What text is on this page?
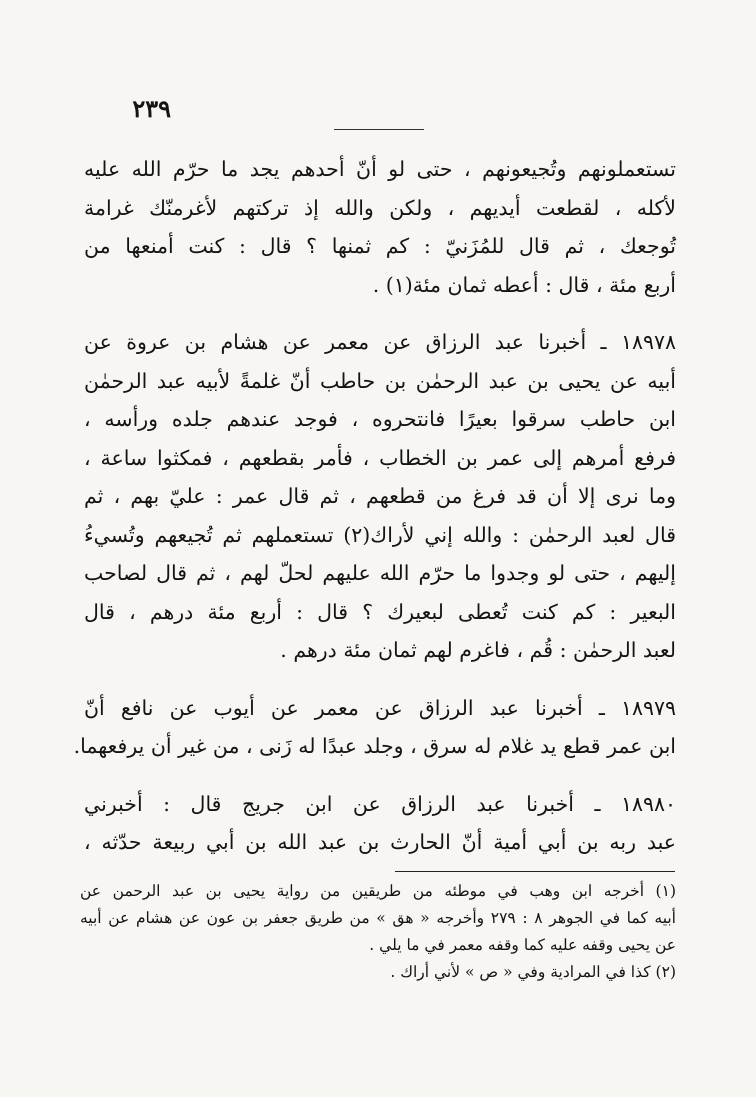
٢٣٩

تستعملونهم وتُجيعونهم ، حتى لو أنّ أحدهم يجد ما حرّم الله عليه
لأكله ، لقطعت أيديهم ، ولكن والله إذ تركتهم لأغرمنّك غرامة
تُوجعك ، ثم قال للمُزَنيّ : كم ثمنها ؟ قال : كنت أمنعها من
أربع مئة ، قال : أعطه ثمان مئة(١) .

١٨٩٧٨ ـ أخبرنا عبد الرزاق عن معمر عن هشام بن عروة عن
أبيه عن يحيى بن عبد الرحمٰن بن حاطب أنّ غلمةً لأبيه عبد الرحمٰن
ابن حاطب سرقوا بعيرًا فانتحروه ، فوجد عندهم جلده ورأسه ،
فرفع أمرهم إلى عمر بن الخطاب ، فأمر بقطعهم ، فمكثوا ساعة ،
وما نرى إلا أن قد فرغ من قطعهم ، ثم قال عمر : عليّ بهم ، ثم
قال لعبد الرحمٰن : والله إني لأراك(٢) تستعملهم ثم تُجيعهم وتُسيءُ
إليهم ، حتى لو وجدوا ما حرّم الله عليهم لحلّ لهم ، ثم قال لصاحب
البعير : كم كنت تُعطى لبعيرك ؟ قال : أربع مئة درهم ، قال
لعبد الرحمٰن : قُم ، فاغرم لهم ثمان مئة درهم .

١٨٩٧٩ ـ أخبرنا عبد الرزاق عن معمر عن أيوب عن نافع أنّ
ابن عمر قطع يد غلام له سرق ، وجلد عبدًا له زَنى ، من غير أن يرفعهما.

١٨٩٨٠ ـ أخبرنا عبد الرزاق عن ابن جريج قال : أخبرني
عبد ربه بن أبي أمية أنّ الحارث بن عبد الله بن أبي ربيعة حدّثه ،

(١) أخرجه ابن وهب في موطئه من طريقين من رواية يحيى بن عبد الرحمن عن
أبيه كما في الجوهر ٨ : ٢٧٩ وأخرجه « هق » من طريق جعفر بن عون عن هشام عن أبيه
عن يحيى وقفه عليه كما وقفه معمر في ما يلي .
(٢) كذا في المرادية وفي « ص » لأني أراك .
